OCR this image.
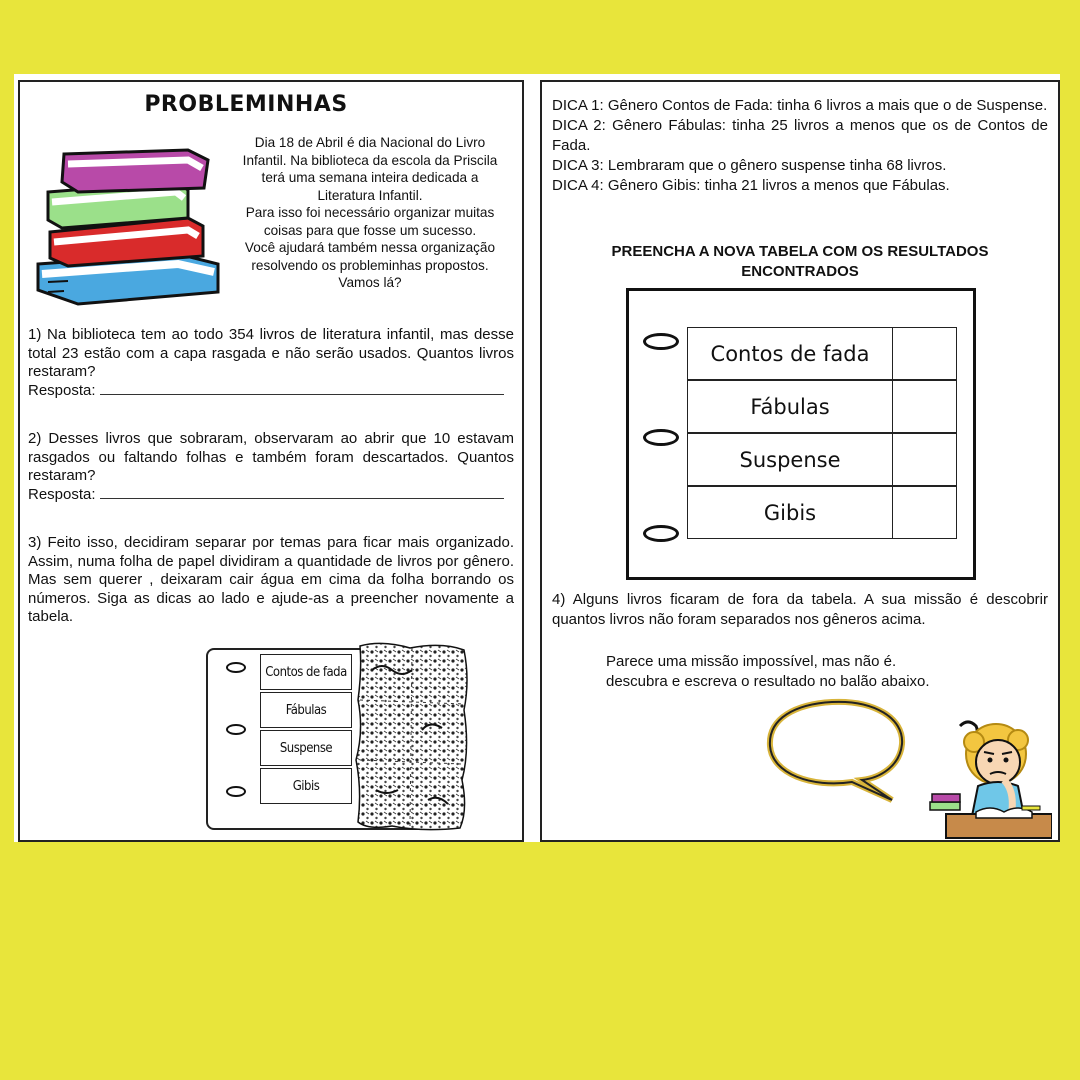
PROBLEMINHAS

Dia 18 de Abril é dia Nacional do Livro

Infantil. Na biblioteca da escola da Priscila

terá uma semana inteira dedicada a

Literatura Infantil.

Para isso foi necessário organizar muitas

coisas para que fosse um sucesso.

Você ajudará também nessa organização

resolvendo os probleminhas propostos.

Vamos lá?

1) Na biblioteca tem ao todo 354 livros de literatura infantil, mas desse total 23 estão com a capa rasgada e não serão usados. Quantos livros restaram?

Resposta:

2) Desses livros que sobraram, observaram ao abrir que 10 estavam rasgados ou faltando folhas e também foram descartados. Quantos restaram?

Resposta:

3) Feito isso, decidiram separar por temas para ficar mais organizado. Assim, numa folha de papel dividiram a quantidade de livros por gênero. Mas sem querer , deixaram cair água em cima da folha borrando os números. Siga as dicas ao lado e ajude-as a preencher novamente a tabela.

Contos de fada
Fábulas
Suspense
Gibis

DICA 1: Gênero Contos de Fada: tinha 6 livros a mais que o de Suspense.

DICA 2: Gênero Fábulas: tinha 25 livros a menos que os de Contos de Fada.

DICA 3: Lembraram que o gênero suspense tinha 68 livros.

DICA 4: Gênero Gibis: tinha 21 livros a menos que Fábulas.

PREENCHA A NOVA TABELA COM OS RESULTADOS ENCONTRADOS
Contos de fada
Fábulas
Suspense
Gibis

4) Alguns livros ficaram de fora da tabela. A sua missão é descobrir quantos livros não foram separados nos gêneros acima.

Parece uma missão impossível, mas não é.

descubra e escreva o resultado no balão abaixo.
